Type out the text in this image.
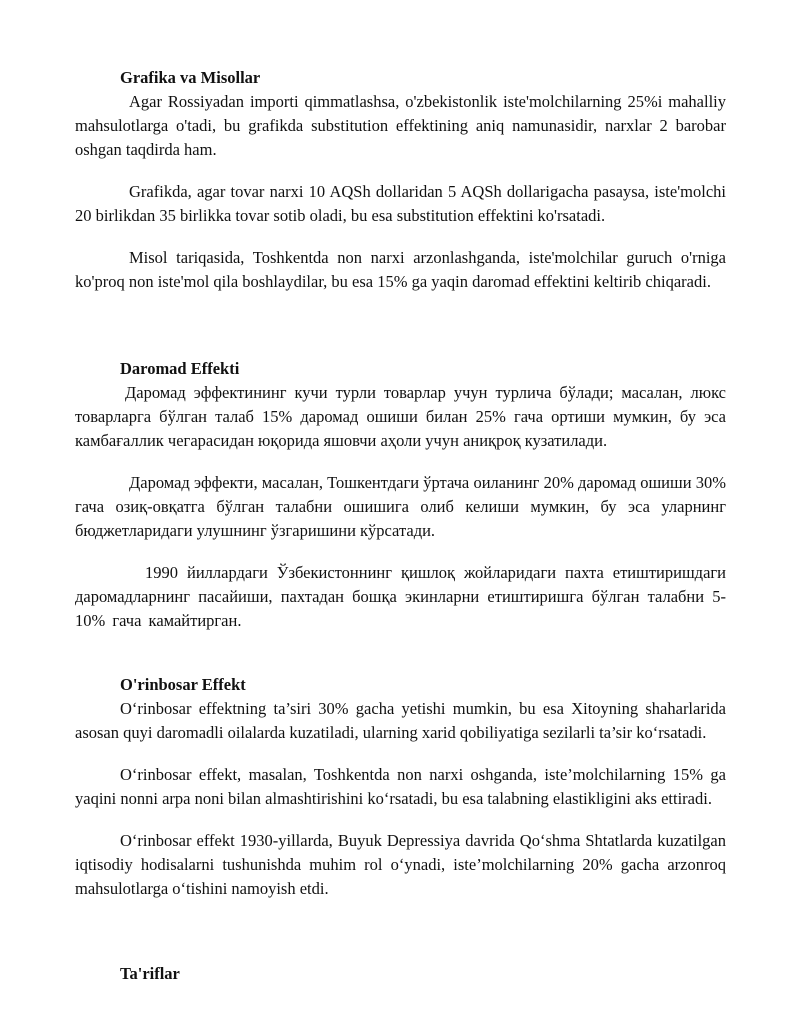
Grafika va Misollar

Agar Rossiyadan importi qimmatlashsa, o'zbekistonlik iste'molchilarning 25%i mahalliy mahsulotlarga o'tadi, bu grafikda substitution effektining aniq namunasidir, narxlar 2 barobar oshgan taqdirda ham.

Grafikda, agar tovar narxi 10 AQSh dollaridan 5 AQSh dollarigacha pasaysa, iste'molchi 20 birlikdan 35 birlikka tovar sotib oladi, bu esa substitution effektini ko'rsatadi.

Misol tariqasida, Toshkentda non narxi arzonlashganda, iste'molchilar guruch o'rniga ko'proq non iste'mol qila boshlaydilar, bu esa 15% ga yaqin daromad effektini keltirib chiqaradi.

Daromad Effekti

Даромад эффектининг кучи турли товарлар учун турлича бўлади; масалан, люкс товарларга бўлган талаб 15% даромад ошиши билан 25% гача ортиши мумкин, бу эса камбағаллик чегарасидан юқорида яшовчи аҳоли учун аниқроқ кузатилади.

Даромад эффекти, масалан, Тошкентдаги ўртача оиланинг 20% даромад ошиши 30% гача озиқ-овқатга бўлган талабни ошишига олиб келиши мумкин, бу эса уларнинг бюджетларидаги улушнинг ўзгаришини кўрсатади.

1990 йиллардаги Ўзбекистоннинг қишлоқ жойларидаги пахта етиштиришдаги даромадларнинг пасайиши, пахтадан бошқа экинларни етиштиришга бўлган талабни 5-10% гача камайтирган.

O'rinbosar Effekt

O‘rinbosar effektning ta’siri 30% gacha yetishi mumkin, bu esa Xitoyning shaharlarida asosan quyi daromadli oilalarda kuzatiladi, ularning xarid qobiliyatiga sezilarli ta’sir ko‘rsatadi.

O‘rinbosar effekt, masalan, Toshkentda non narxi oshganda, iste’molchilarning 15% ga yaqini nonni arpa noni bilan almashtirishini ko‘rsatadi, bu esa talabning elastikligini aks ettiradi.

O‘rinbosar effekt 1930-yillarda, Buyuk Depressiya davrida Qo‘shma Shtatlarda kuzatilgan iqtisodiy hodisalarni tushunishda muhim rol o‘ynadi, iste’molchilarning 20% gacha arzonroq mahsulotlarga o‘tishini namoyish etdi.

Ta'riflar
